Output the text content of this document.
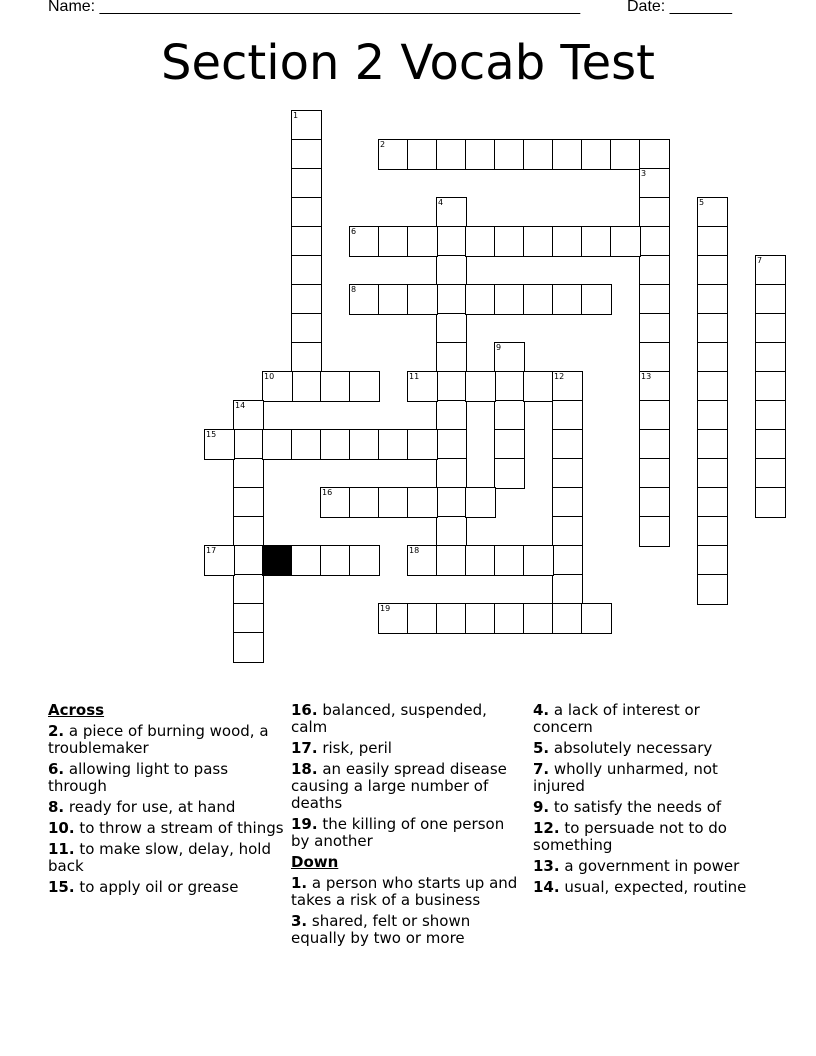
Name: ______________________________________________________	Date: _______
Section 2 Vocab Test
1
2
3
4	5
6
7
8
9
10	11	12	13
14
15
16
17	18
19
Across
2. a piece of burning wood, a troublemaker
6. allowing light to pass through
8. ready for use, at hand
10. to throw a stream of things
11. to make slow, delay, hold back
15. to apply oil or grease
16. balanced, suspended, calm
17. risk, peril
18. an easily spread disease causing a large number of deaths
19. the killing of one person by another
Down
1. a person who starts up and takes a risk of a business
3. shared, felt or shown equally by two or more
4. a lack of interest or concern
5. absolutely necessary
7. wholly unharmed, not injured
9. to satisfy the needs of
12. to persuade not to do something
13. a government in power
14. usual, expected, routine
